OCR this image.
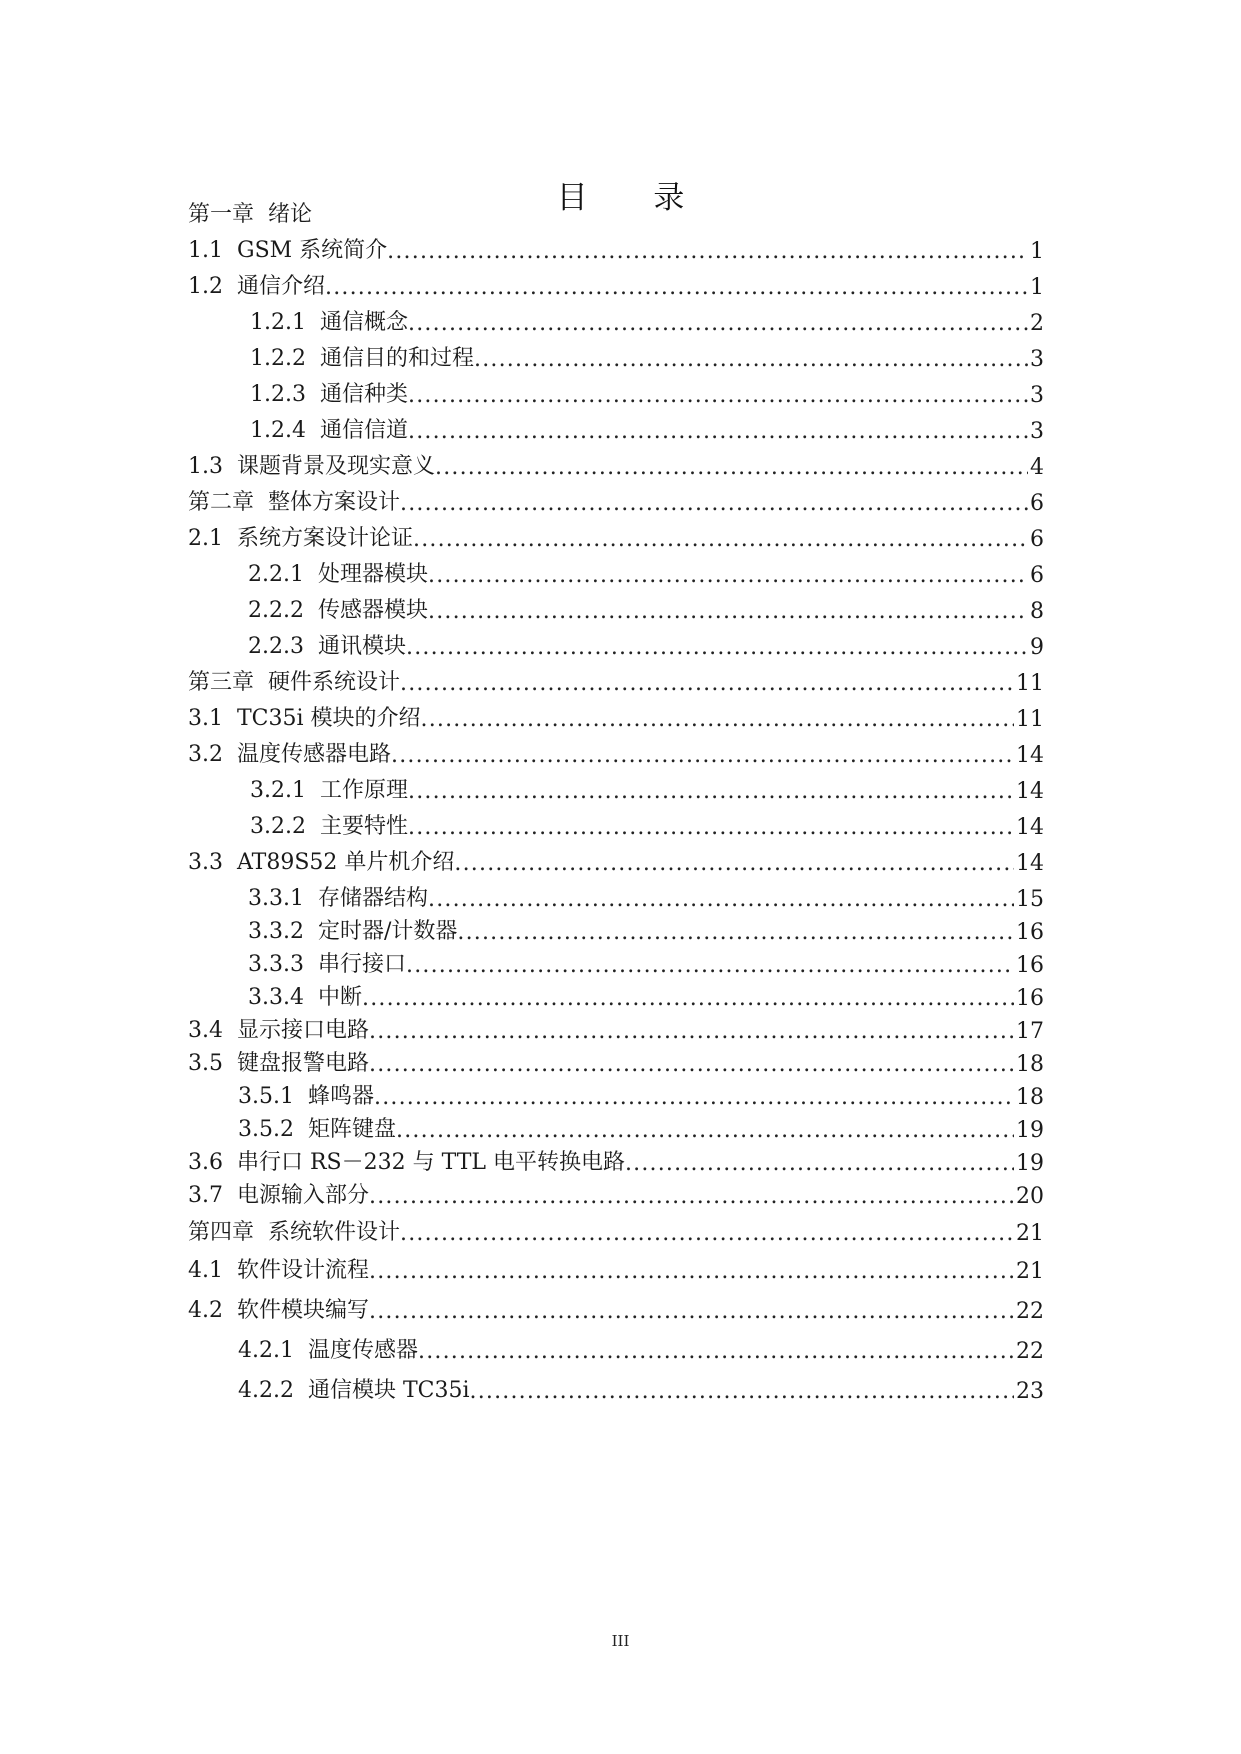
目 录
第一章 绪论
1.1 GSM 系统简介 .....	1
1.2 通信介绍 .....	1
1.2.1 通信概念 .....	2
1.2.2 通信目的和过程 .....	3
1.2.3 通信种类 .....	3
1.2.4 通信信道 .....	3
1.3 课题背景及现实意义 .....	4
第二章 整体方案设计 .....	6
2.1 系统方案设计论证 .....	6
2.2.1 处理器模块 .....	6
2.2.2 传感器模块 .....	8
2.2.3 通讯模块 .....	9
第三章 硬件系统设计 .....	11
3.1 TC35i 模块的介绍 .....	11
3.2 温度传感器电路 .....	14
3.2.1 工作原理 .....	14
3.2.2 主要特性 .....	14
3.3 AT89S52 单片机介绍 .....	14
3.3.1 存储器结构 .....	15
3.3.2 定时器/计数器 .....	16
3.3.3 串行接口 .....	16
3.3.4 中断 .....	16
3.4 显示接口电路 .....	17
3.5 键盘报警电路 .....	18
3.5.1 蜂鸣器 .....	18
3.5.2 矩阵键盘 .....	19
3.6 串行口 RS－232 与 TTL 电平转换电路 .....	19
3.7 电源输入部分 .....	20
第四章 系统软件设计 .....	21
4.1 软件设计流程 .....	21
4.2 软件模块编写 .....	22
4.2.1 温度传感器 .....	22
4.2.2 通信模块 TC35i .....	23
III
